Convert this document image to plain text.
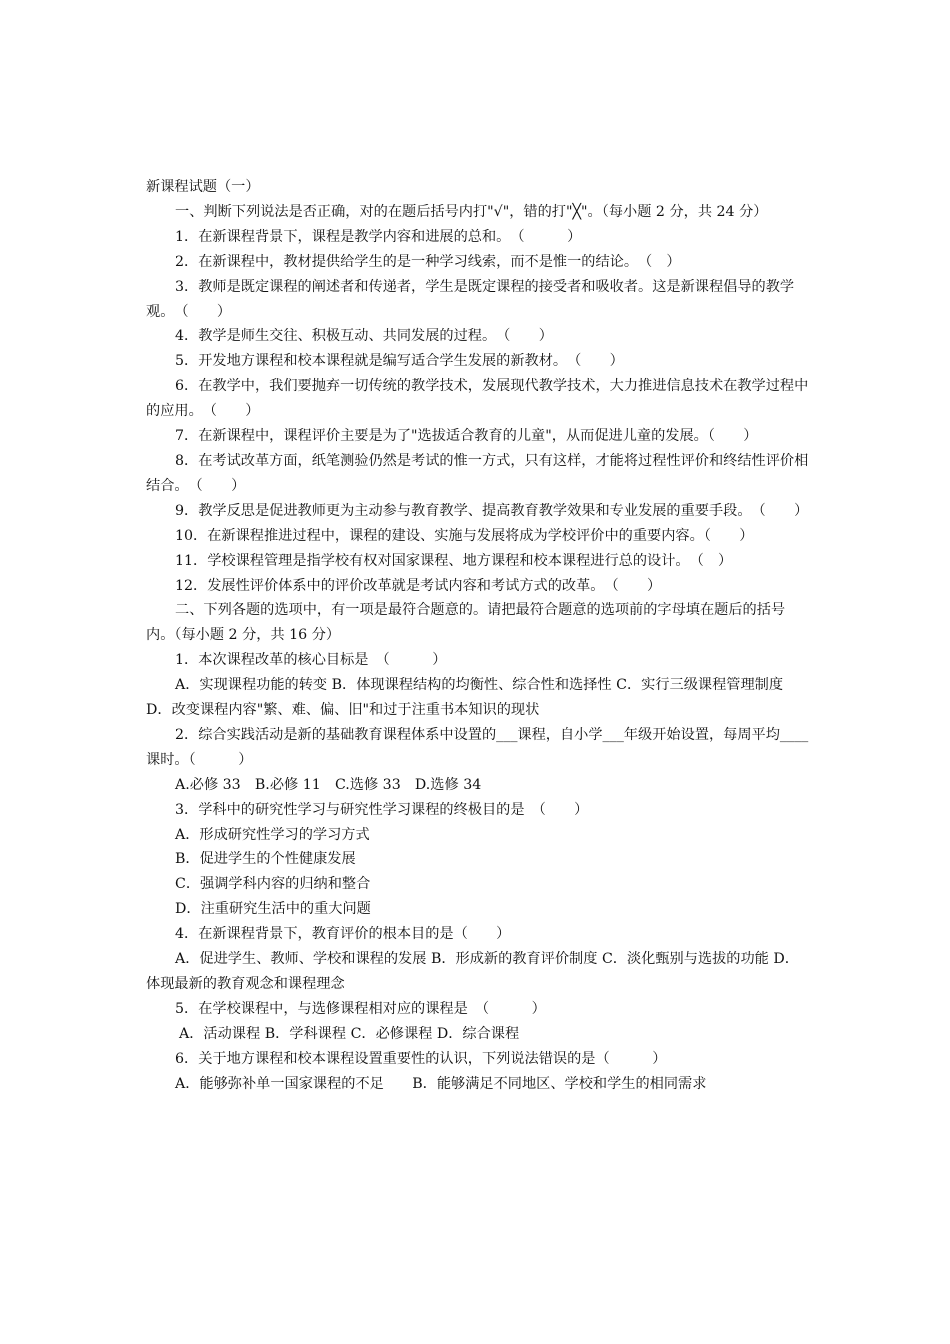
新课程试题（一）

一、判断下列说法是否正确，对的在题后括号内打"√"，错的打"╳"。（每小题 2 分，共 24 分）

1．在新课程背景下，课程是教学内容和进展的总和。　（　　　）

2．在新课程中，教材提供给学生的是一种学习线索，而不是惟一的结论。　（　）

3．教师是既定课程的阐述者和传递者，学生是既定课程的接受者和吸收者。这是新课程倡导的教学观。　（　　）

4．教学是师生交往、积极互动、共同发展的过程。　（　　）

5．开发地方课程和校本课程就是编写适合学生发展的新教材。　（　　）

6．在教学中，我们要抛弃一切传统的教学技术，发展现代教学技术，大力推进信息技术在教学过程中的应用。　（　　）

7．在新课程中，课程评价主要是为了"选拔适合教育的儿童"，从而促进儿童的发展。（　　）

8．在考试改革方面，纸笔测验仍然是考试的惟一方式，只有这样，才能将过程性评价和终结性评价相结合。　（　　）

9．教学反思是促进教师更为主动参与教育教学、提高教育教学效果和专业发展的重要手段。　（　　）

10．在新课程推进过程中，课程的建设、实施与发展将成为学校评价中的重要内容。（　　）

11．学校课程管理是指学校有权对国家课程、地方课程和校本课程进行总的设计。　（　）

12．发展性评价体系中的评价改革就是考试内容和考试方式的改革。　（　　）

二、下列各题的选项中，有一项是最符合题意的。请把最符合题意的选项前的字母填在题后的括号内。（每小题 2 分，共 16 分）

1．本次课程改革的核心目标是　（　　　）

A．实现课程功能的转变 B．体现课程结构的均衡性、综合性和选择性 C．实行三级课程管理制度 D．改变课程内容"繁、难、偏、旧"和过于注重书本知识的现状

2．综合实践活动是新的基础教育课程体系中设置的___课程，自小学___年级开始设置，每周平均____课时。（　　　）

A.必修 33　B.必修 11　C.选修 33　D.选修 34

3．学科中的研究性学习与研究性学习课程的终极目的是　（　　）

A．形成研究性学习的学习方式

B．促进学生的个性健康发展

C．强调学科内容的归纳和整合

D．注重研究生活中的重大问题

4．在新课程背景下，教育评价的根本目的是（　　）

A．促进学生、教师、学校和课程的发展 B．形成新的教育评价制度 C．淡化甄别与选拔的功能 D．体现最新的教育观念和课程理念

5．在学校课程中，与选修课程相对应的课程是　（　　　）

A．活动课程 B．学科课程 C．必修课程 D．综合课程

6．关于地方课程和校本课程设置重要性的认识，下列说法错误的是（　　　）

A．能够弥补单一国家课程的不足　　B．能够满足不同地区、学校和学生的相同需求
